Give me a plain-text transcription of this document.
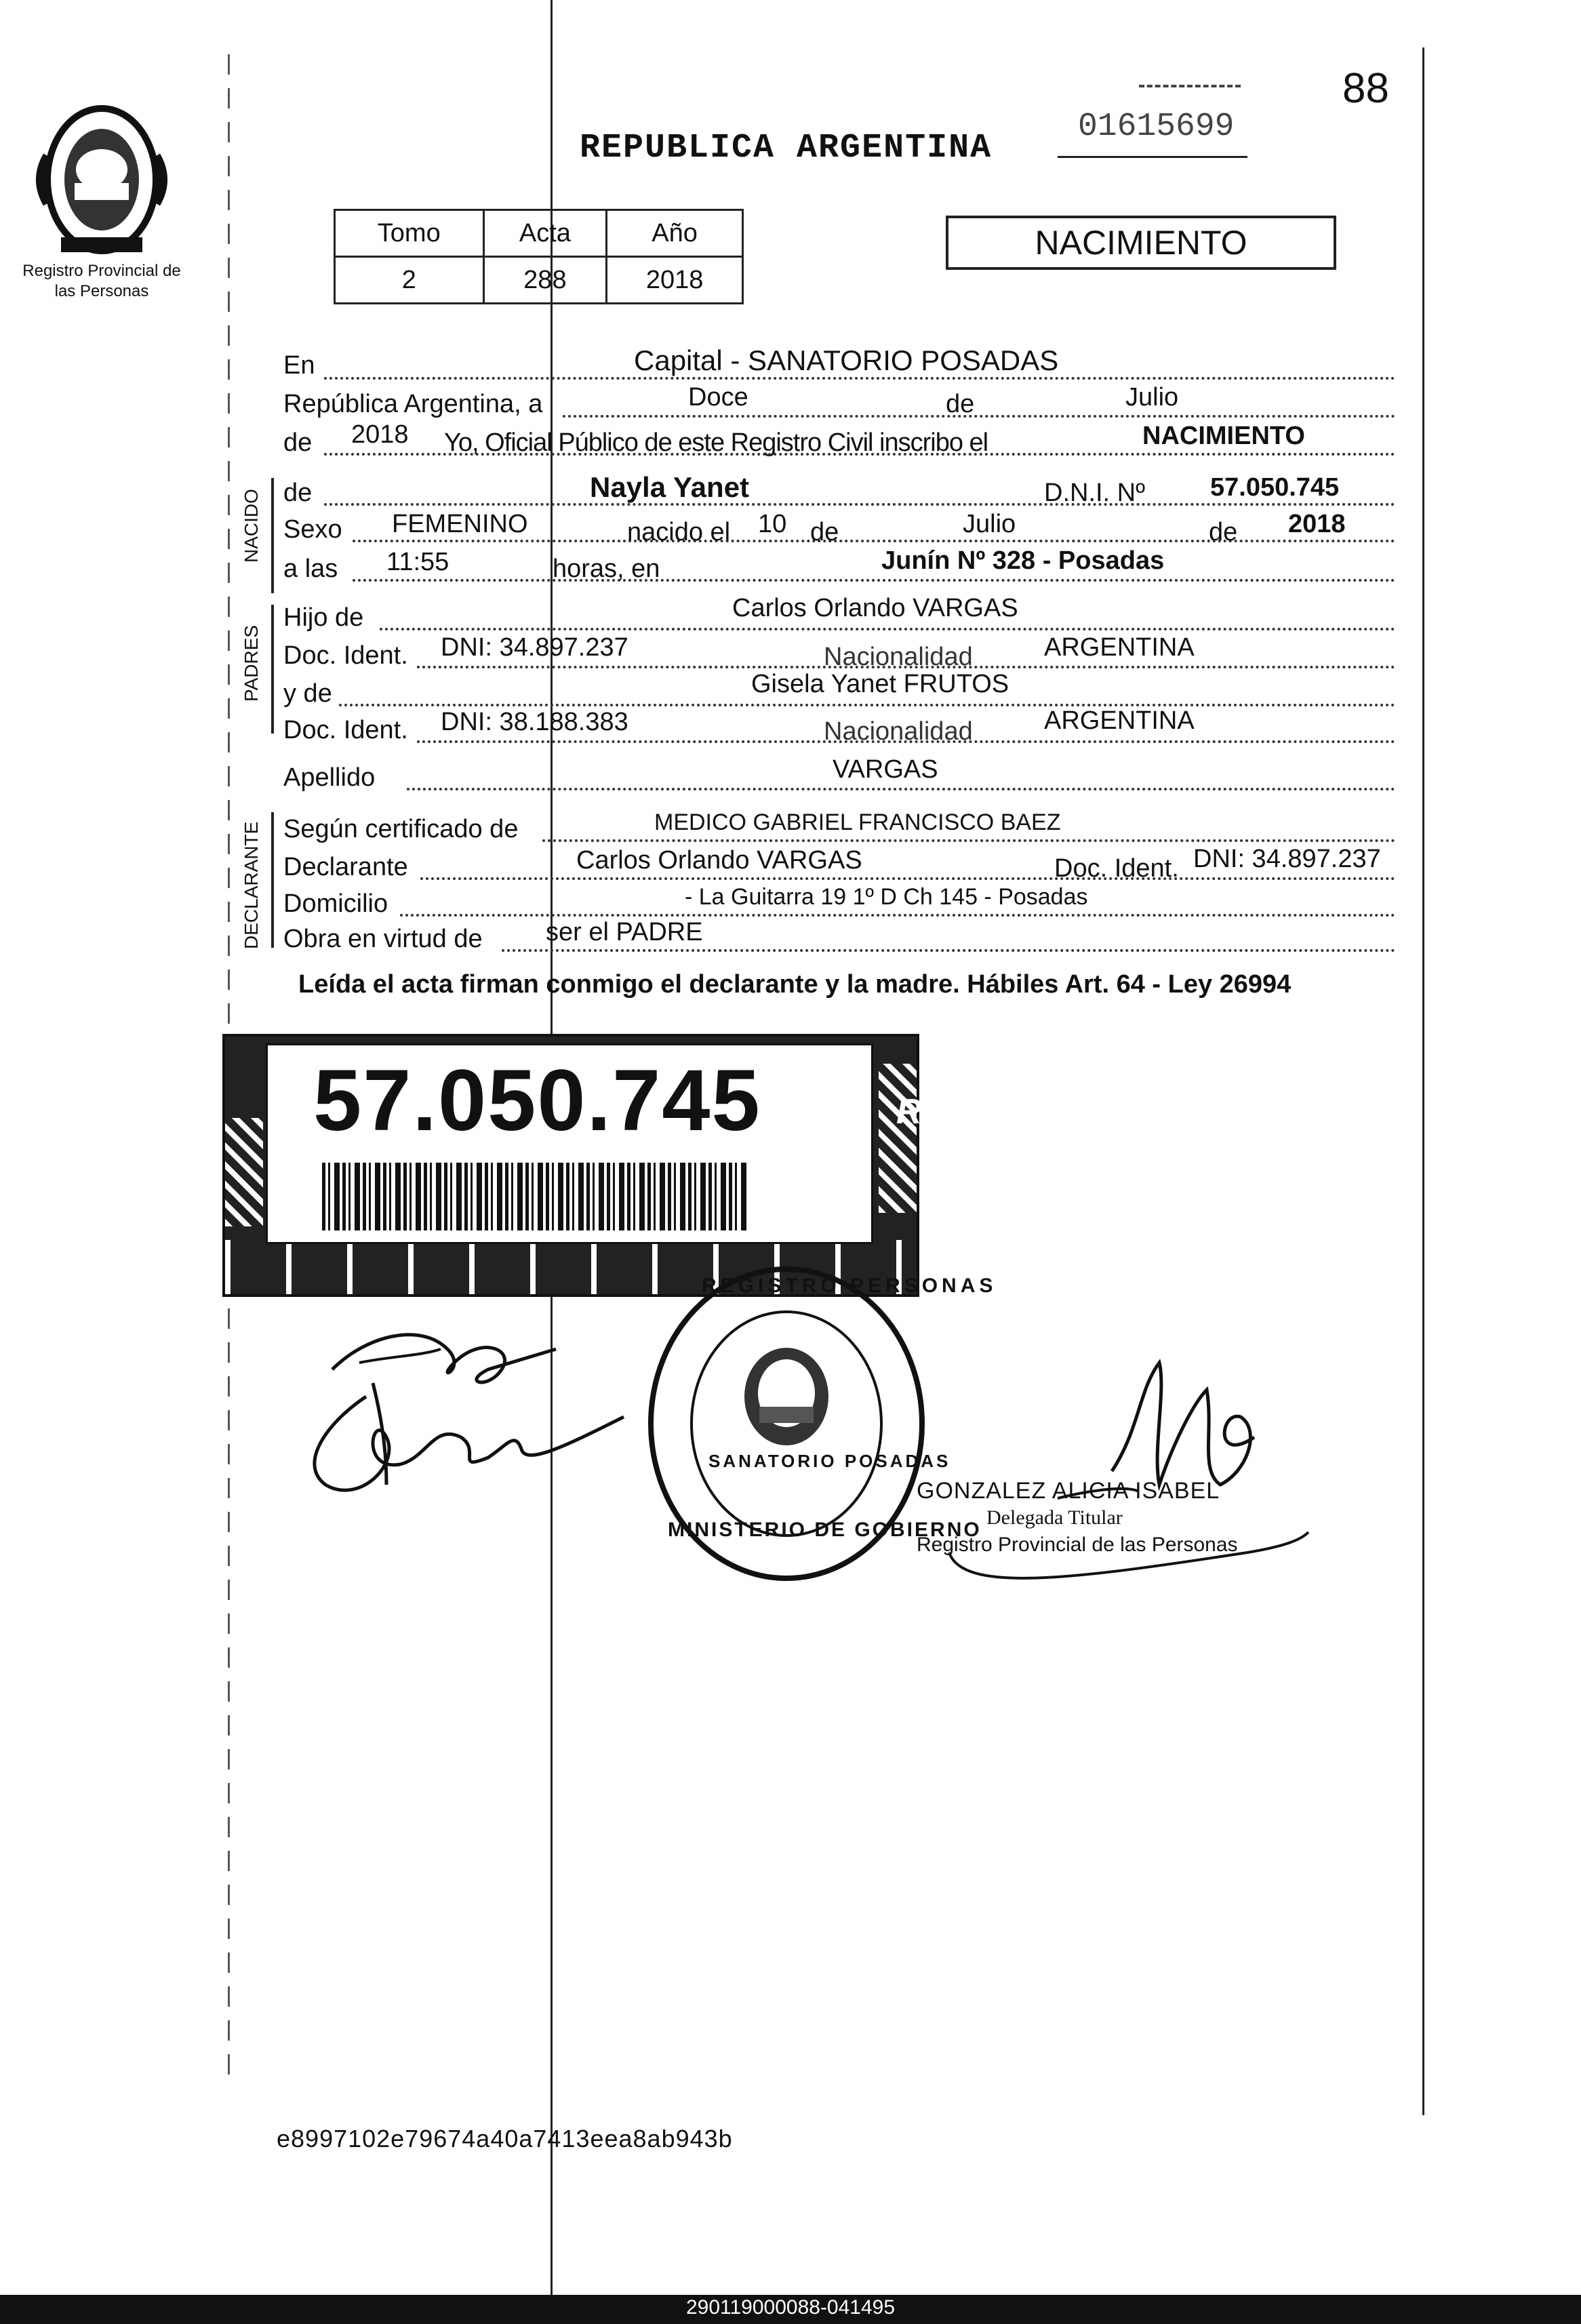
Registro Provincial de las Personas
88
REPUBLICA ARGENTINA
01615699
Tomo	Acta	Año
2	288	2018
NACIMIENTO
NACIDO
PADRES
DECLARANTE
En	Capital - SANATORIO POSADAS
República Argentina, a	Doce	de	Julio
de 2018 Yo, Oficial Público de este Registro Civil inscribo el	NACIMIENTO
de	Nayla Yanet	D.N.I. Nº	57.050.745
Sexo FEMENINO	nacido el 10 de	Julio	de 2018
a las 11:55	horas, en	Junín Nº 328 - Posadas
Hijo de	Carlos Orlando VARGAS
Doc. Ident. DNI: 34.897.237	Nacionalidad	ARGENTINA
y de	Gisela Yanet FRUTOS
Doc. Ident. DNI: 38.188.383	Nacionalidad	ARGENTINA
Apellido	VARGAS
Según certificado de	MEDICO GABRIEL FRANCISCO BAEZ
Declarante	Carlos Orlando VARGAS	Doc. Ident. DNI: 34.897.237
Domicilio	- La Guitarra 19 1º D Ch 145 - Posadas
Obra en virtud de ser el PADRE
Leída el acta firman conmigo el declarante y la madre. Hábiles Art. 64 - Ley 26994
57.050.745	R
REGISTRO PERSONAS
SANATORIO POSADAS
MINISTERIO DE GOBIERNO
GONZALEZ ALICIA ISABEL
Delegada Titular
Registro Provincial de las Personas
e8997102e79674a40a7413eea8ab943b
290119000088-041495
